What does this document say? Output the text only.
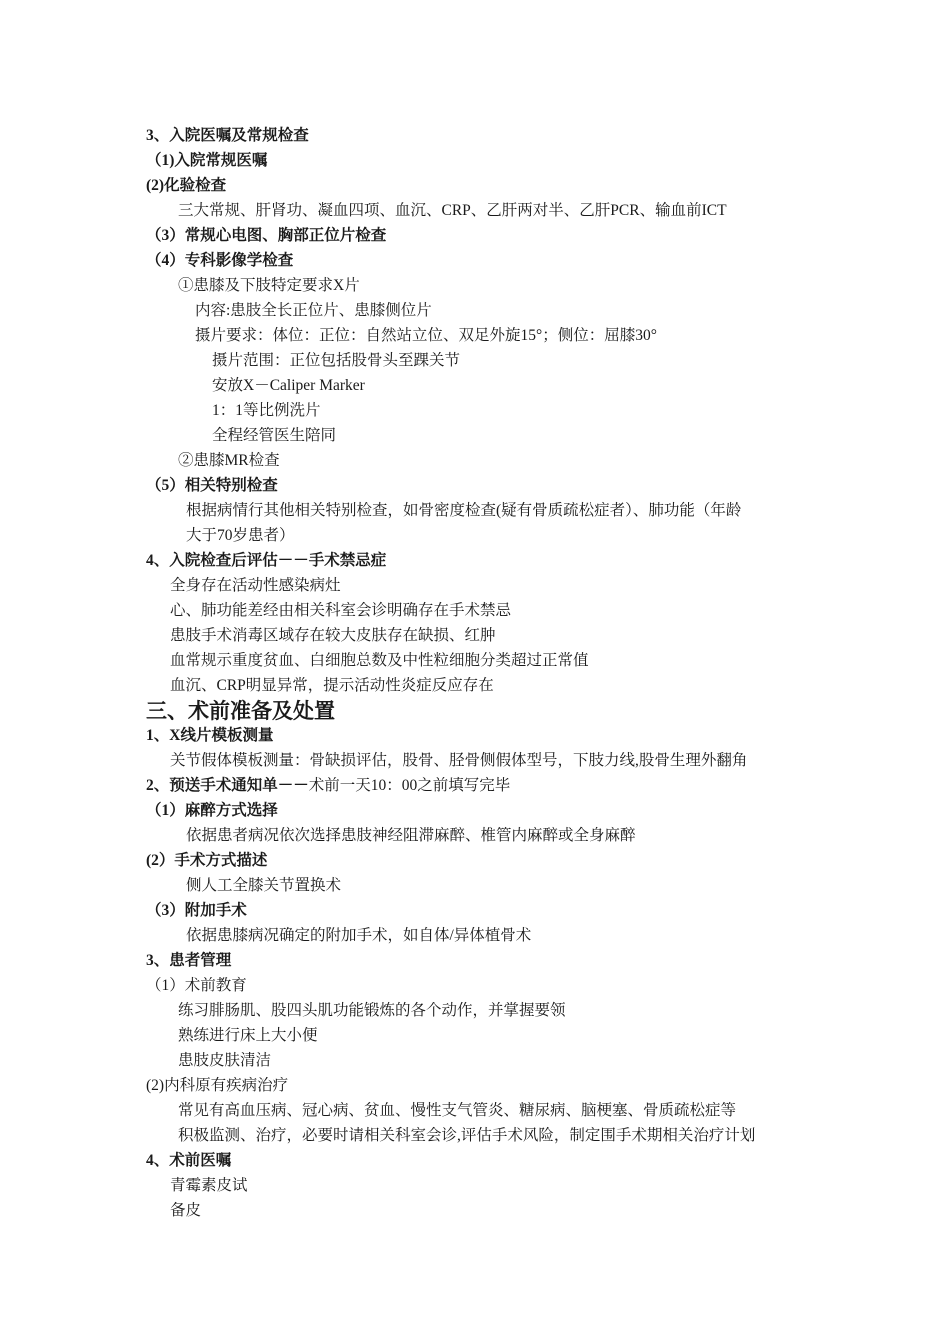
3、入院医嘱及常规检查
（1)入院常规医嘱
(2)化验检查
三大常规、肝肾功、凝血四项、血沉、CRP、乙肝两对半、乙肝PCR、输血前ICT
（3）常规心电图、胸部正位片检查
（4）专科影像学检查
①患膝及下肢特定要求X片
内容:患肢全长正位片、患膝侧位片
摄片要求：体位：正位：自然站立位、双足外旋15°；侧位：屈膝30°
摄片范围：正位包括股骨头至踝关节
安放X－Caliper Marker
1：1等比例洗片
全程经管医生陪同
②患膝MR检查
（5）相关特别检查
根据病情行其他相关特别检查，如骨密度检查(疑有骨质疏松症者）、肺功能（年龄
大于70岁患者）
4、入院检查后评估－－手术禁忌症
全身存在活动性感染病灶
心、肺功能差经由相关科室会诊明确存在手术禁忌
患肢手术消毒区域存在较大皮肤存在缺损、红肿
血常规示重度贫血、白细胞总数及中性粒细胞分类超过正常值
血沉、CRP明显异常，提示活动性炎症反应存在
三、术前准备及处置
1、X线片模板测量
关节假体模板测量：骨缺损评估，股骨、胫骨侧假体型号，下肢力线,股骨生理外翻角
2、预送手术通知单－－术前一天10：00之前填写完毕
（1）麻醉方式选择
依据患者病况依次选择患肢神经阻滞麻醉、椎管内麻醉或全身麻醉
(2）手术方式描述
侧人工全膝关节置换术
（3）附加手术
依据患膝病况确定的附加手术，如自体/异体植骨术
3、患者管理
（1）术前教育
练习腓肠肌、股四头肌功能锻炼的各个动作，并掌握要领
熟练进行床上大小便
患肢皮肤清洁
(2)内科原有疾病治疗
常见有高血压病、冠心病、贫血、慢性支气管炎、糖尿病、脑梗塞、骨质疏松症等
积极监测、治疗，必要时请相关科室会诊,评估手术风险，制定围手术期相关治疗计划
4、术前医嘱
青霉素皮试
备皮
